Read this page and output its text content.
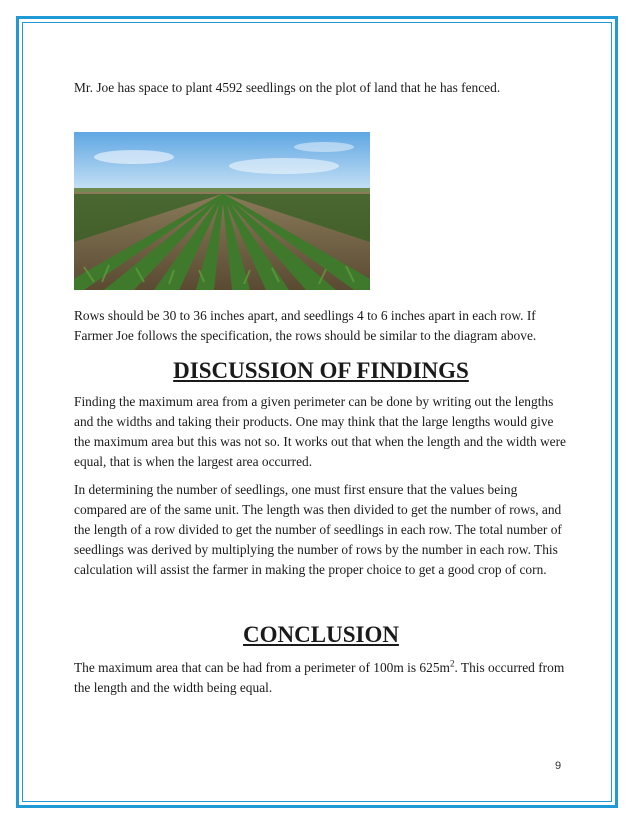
Mr. Joe has space to plant 4592 seedlings on the plot of land that he has fenced.

Rows should be 30 to 36 inches apart, and seedlings 4 to 6 inches apart in each row. If Farmer Joe follows the specification, the rows should be similar to the diagram above.

DISCUSSION OF FINDINGS

Finding the maximum area from a given perimeter can be done by writing out the lengths and the widths and taking their products. One may think that the large lengths would give the maximum area but this was not so. It works out that when the length and the width were equal, that is when the largest area occurred.

In determining the number of seedlings, one must first ensure that the values being compared are of the same unit. The length was then divided to get the number of rows, and the length of a row divided to get the number of seedlings in each row. The total number of seedlings was derived by multiplying the number of rows by the number in each row. This calculation will assist the farmer in making the proper choice to get a good crop of corn.

CONCLUSION

The maximum area that can be had from a perimeter of 100m is $625m^2$. This occurred from the length and the width being equal.

9
